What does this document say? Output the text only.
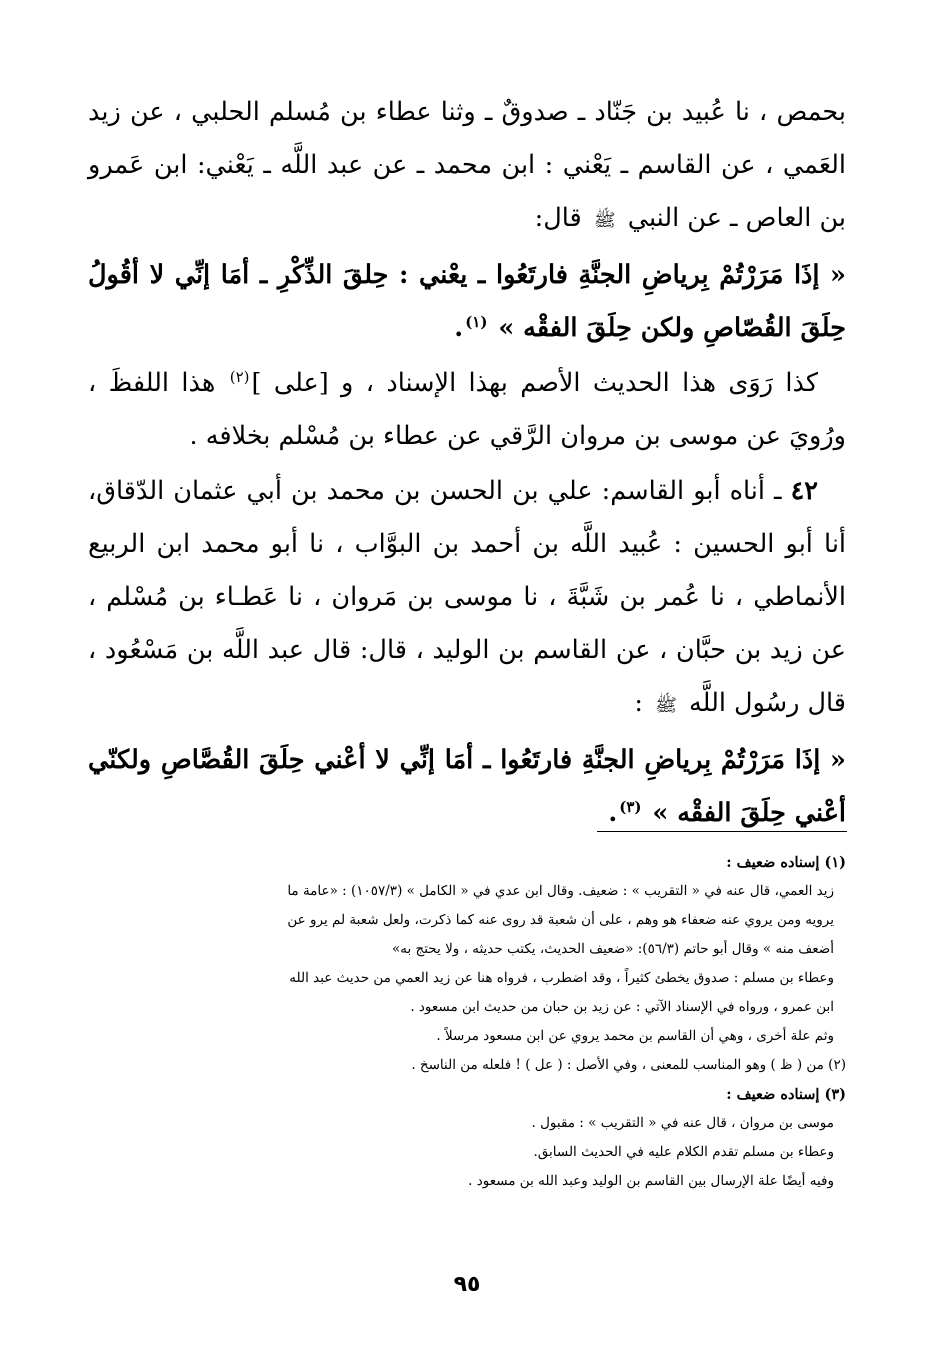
بحمص ، نا عُبيد بن جَنّاد ـ صدوقٌ ـ وثنا عطاء بن مُسلم الحلبي ، عن زيد العَمي ، عن القاسم ـ يَعْني : ابن محمد ـ عن عبد اللَّه ـ يَعْني: ابن عَمرو بن العاص ـ عن النبي ﷺ قال:

« إذَا مَرَرْتُمْ بِرياضِ الجنَّةِ فارتَعُوا ـ يعْني : حِلقَ الذِّكْرِ ـ أمَا إنِّي لا أقُولُ حِلَقَ القُصّاصِ ولكن حِلَقَ الفقْه » $^{(١)}$.

كذا رَوَى هذا الحديث الأصم بهذا الإسناد ، و [على ]$^{(٢)}$ هذا اللفظَ ، ورُويَ عن موسى بن مروان الرَّقي عن عطاء بن مُسْلم بخلافه .

٤٢ ـ أناه أبو القاسم: علي بن الحسن بن محمد بن أبي عثمان الدّقاق، أنا أبو الحسين : عُبيد اللَّه بن أحمد بن البوَّاب ، نا أبو محمد ابن الربيع الأنماطي ، نا عُمر بن شَبَّةَ ، نا موسى بن مَروان ، نا عَطـاء بن مُسْلم ، عن زيد بن حبَّان ، عن القاسم بن الوليد ، قال: قال عبد اللَّه بن مَسْعُود ، قال رسُول اللَّه ﷺ :

« إذَا مَرَرْتُمْ بِرياضِ الجنَّةِ فارتَعُوا ـ أمَا إنِّي لا أعْني حِلَقَ القُصَّاصِ ولكنّي أعْني حِلَقَ الفقْه » $^{(٣)}$.

(١) إسناده ضعيف :

زيد العمي، قال عنه في « التقريب » : ضعيف. وقال ابن عدي في « الكامل » (١٠٥٧/٣) : «عامة ما

يرويه ومن يروي عنه ضعفاء هو وهم ، على أن شعبة قد روى عنه كما ذكرت، ولعل شعبة لم يرو عن

أضعف منه » وقال أبو حاتم (٥٦/٣): «ضعيف الحديث، يكتب حديثه ، ولا يحتج به»

وعطاء بن مسلم : صدوق يخطئ كثيراً ، وقد اضطرب ، فرواه هنا عن زيد العمي من حديث عبد الله

ابن عمرو ، ورواه في الإسناد الآتي : عن زيد بن حبان من حديث ابن مسعود .

وثم علة أخرى ، وهي أن القاسم بن محمد يروي عن ابن مسعود مرسلاً .

(٢) من ( ظ ) وهو المناسب للمعنى ، وفي الأصل : ( عل ) ! فلعله من الناسخ .

(٣) إسناده ضعيف :

موسى بن مروان ، قال عنه في « التقريب » : مقبول .

وعطاء بن مسلم تقدم الكلام عليه في الحديث السابق.

وفيه أيضًا علة الإرسال بين القاسم بن الوليد وعبد الله بن مسعود .

٩٥
